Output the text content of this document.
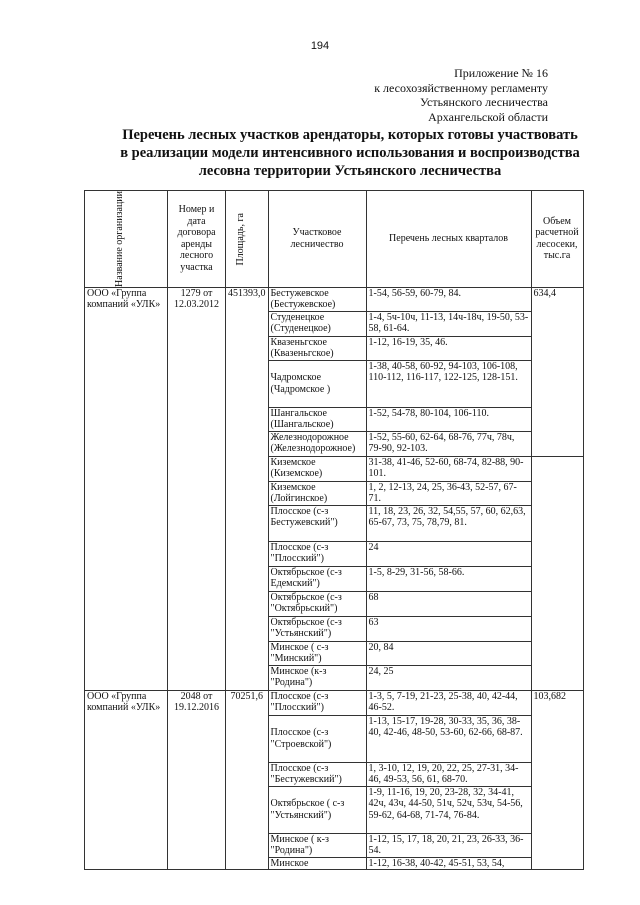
194
Приложение № 16
к лесохозяйственному регламенту
Устьянского лесничества
Архангельской области
Перечень лесных участков арендаторы, которых готовы участвовать
в реализации модели интенсивного использования и воспроизводства
лесовна территории Устьянского лесничества
Название организации	Номер и дата договора аренды лесного участка	Площадь, га	Участковое лесничество	Перечень лесных кварталов	Объем расчетной лесосеки, тыс.га
ООО «Группа компаний «УЛК»	1279 от 12.03.2012	451393,0	Бестужевское (Бестужевское)	1-54, 56-59, 60-79, 84.	634,4
			Студенецкое (Студенецкое)	1-4, 5ч-10ч, 11-13, 14ч-18ч, 19-50, 53-58, 61-64.	
			Квазеньгское (Квазеньгское)	1-12, 16-19, 35, 46.	
			Чадромское (Чадромское )	1-38, 40-58, 60-92, 94-103, 106-108, 110-112, 116-117, 122-125, 128-151.	
			Шангальское (Шангальское)	1-52, 54-78, 80-104, 106-110.	
			Железнодорожное (Железнодорожное)	1-52, 55-60, 62-64, 68-76, 77ч, 78ч, 79-90, 92-103.	
			Киземское (Киземское)	31-38, 41-46, 52-60, 68-74, 82-88, 90-101.	
			Киземское (Лойгинское)	1, 2, 12-13, 24, 25, 36-43, 52-57, 67-71.	
			Плосское (с-з Бестужевский")	11, 18, 23, 26, 32, 54,55, 57, 60, 62,63, 65-67, 73, 75, 78,79, 81.	
			Плосское (с-з "Плосский")	24	
			Октябрьское (с-з Едемский")	1-5, 8-29, 31-56, 58-66.	
			Октябрьское (с-з "Октябрьский")	68	
			Октябрьское (с-з "Устьянский")	63	
			Минское ( с-з "Минский")	20, 84	
			Минское (к-з "Родина")	24, 25	
ООО «Группа компаний «УЛК»	2048 от 19.12.2016	70251,6	Плосское (с-з "Плосский")	1-3, 5, 7-19, 21-23, 25-38, 40, 42-44, 46-52.	103,682
			Плосское (с-з "Строевской")	1-13, 15-17, 19-28, 30-33, 35, 36, 38-40, 42-46, 48-50, 53-60, 62-66, 68-87.	
			Плосское (с-з "Бестужевский")	1, 3-10, 12, 19, 20, 22, 25, 27-31, 34-46, 49-53, 56, 61, 68-70.	
			Октябрьское ( с-з "Устьянский")	1-9, 11-16, 19, 20, 23-28, 32, 34-41, 42ч, 43ч, 44-50, 51ч, 52ч, 53ч, 54-56, 59-62, 64-68, 71-74, 76-84.	
			Минское ( к-з "Родина")	1-12, 15, 17, 18, 20, 21, 23, 26-33, 36-54.	
			Минское	1-12, 16-38, 40-42, 45-51, 53, 54,	
